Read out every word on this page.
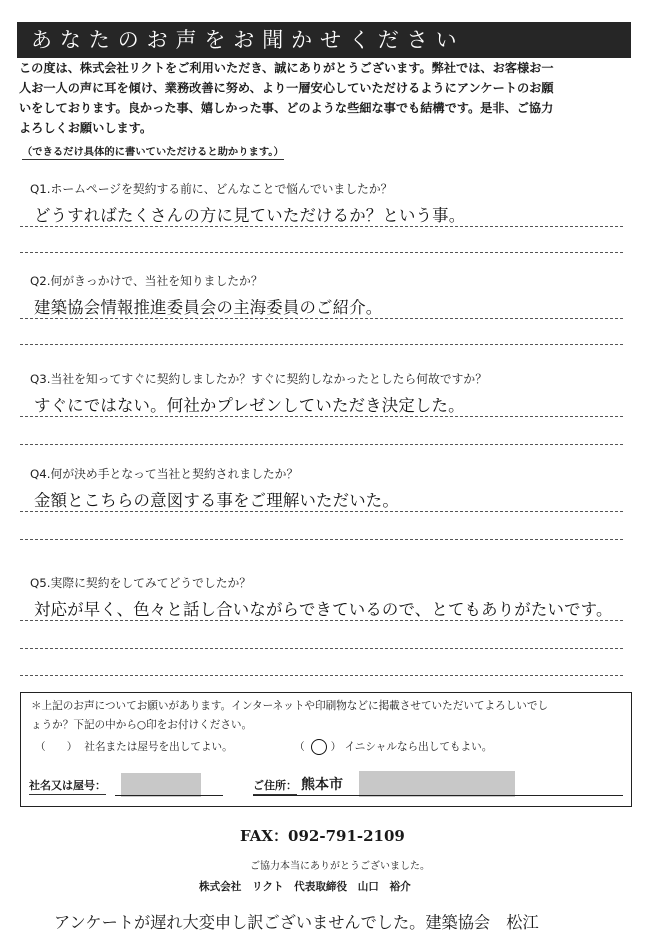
あなたのお声をお聞かせください
この度は、株式会社リクトをご利用いただき、誠にありがとうございます。弊社では、お客様お一
人お一人の声に耳を傾け、業務改善に努め、より一層安心していただけるようにアンケートのお願
いをしております。良かった事、嬉しかった事、どのような些細な事でも結構です。是非、ご協力
よろしくお願いします。
（できるだけ具体的に書いていただけると助かります。）
Q1.ホームページを契約する前に、どんなことで悩んでいましたか？
どうすればたくさんの方に見ていただけるか？という事。
Q2.何がきっかけで、当社を知りましたか？
建築協会情報推進委員会の主海委員のご紹介。
Q3.当社を知ってすぐに契約しましたか？すぐに契約しなかったとしたら何故ですか？
すぐにではない。何社かプレゼンしていただき決定した。
Q4.何が決め手となって当社と契約されましたか？
金額とこちらの意図する事をご理解いただいた。
Q5.実際に契約をしてみてどうでしたか？
対応が早く、色々と話し合いながらできているので、とてもありがたいです。
＊上記のお声についてお願いがあります。インターネットや印刷物などに掲載させていただいてよろしいでし
ょうか？下記の中から○印をお付けください。
（　　） 社名または屋号を出してよい。	（ ） イニシャルなら出してもよい。
社名又は屋号：	ご住所： 熊本市
FAX：092-791-2109
ご協力本当にありがとうございました。
株式会社　リクト　代表取締役　山口　裕介
アンケートが遅れ大変申し訳ございませんでした。建築協会　松江
